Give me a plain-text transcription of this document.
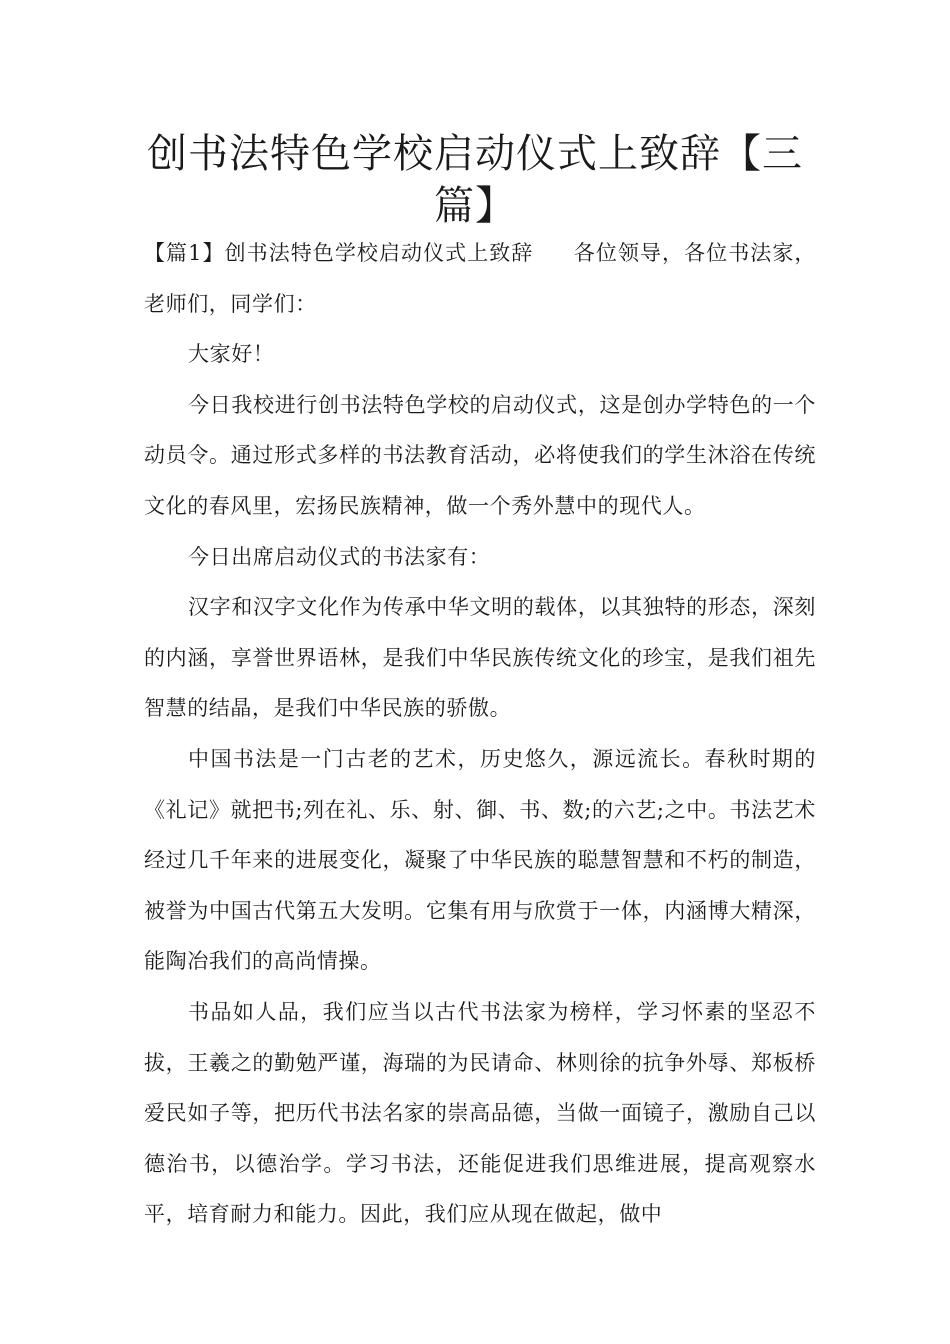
创书法特色学校启动仪式上致辞【三篇】

【篇1】创书法特色学校启动仪式上致辞 各位领导，各位书法家，老师们，同学们：

大家好！

今日我校进行创书法特色学校的启动仪式，这是创办学特色的一个动员令。通过形式多样的书法教育活动，必将使我们的学生沐浴在传统文化的春风里，宏扬民族精神，做一个秀外慧中的现代人。

今日出席启动仪式的书法家有：

汉字和汉字文化作为传承中华文明的载体，以其独特的形态，深刻的内涵，享誉世界语林，是我们中华民族传统文化的珍宝，是我们祖先智慧的结晶，是我们中华民族的骄傲。

中国书法是一门古老的艺术，历史悠久，源远流长。春秋时期的《礼记》就把书;列在礼、乐、射、御、书、数;的六艺;之中。书法艺术经过几千年来的进展变化，凝聚了中华民族的聪慧智慧和不朽的制造，被誉为中国古代第五大发明。它集有用与欣赏于一体，内涵博大精深，能陶冶我们的高尚情操。

书品如人品，我们应当以古代书法家为榜样，学习怀素的坚忍不拔，王羲之的勤勉严谨，海瑞的为民请命、林则徐的抗争外辱、郑板桥爱民如子等，把历代书法名家的崇高品德，当做一面镜子，激励自己以德治书，以德治学。学习书法，还能促进我们思维进展，提高观察水平，培育耐力和能力。因此，我们应从现在做起，做中
